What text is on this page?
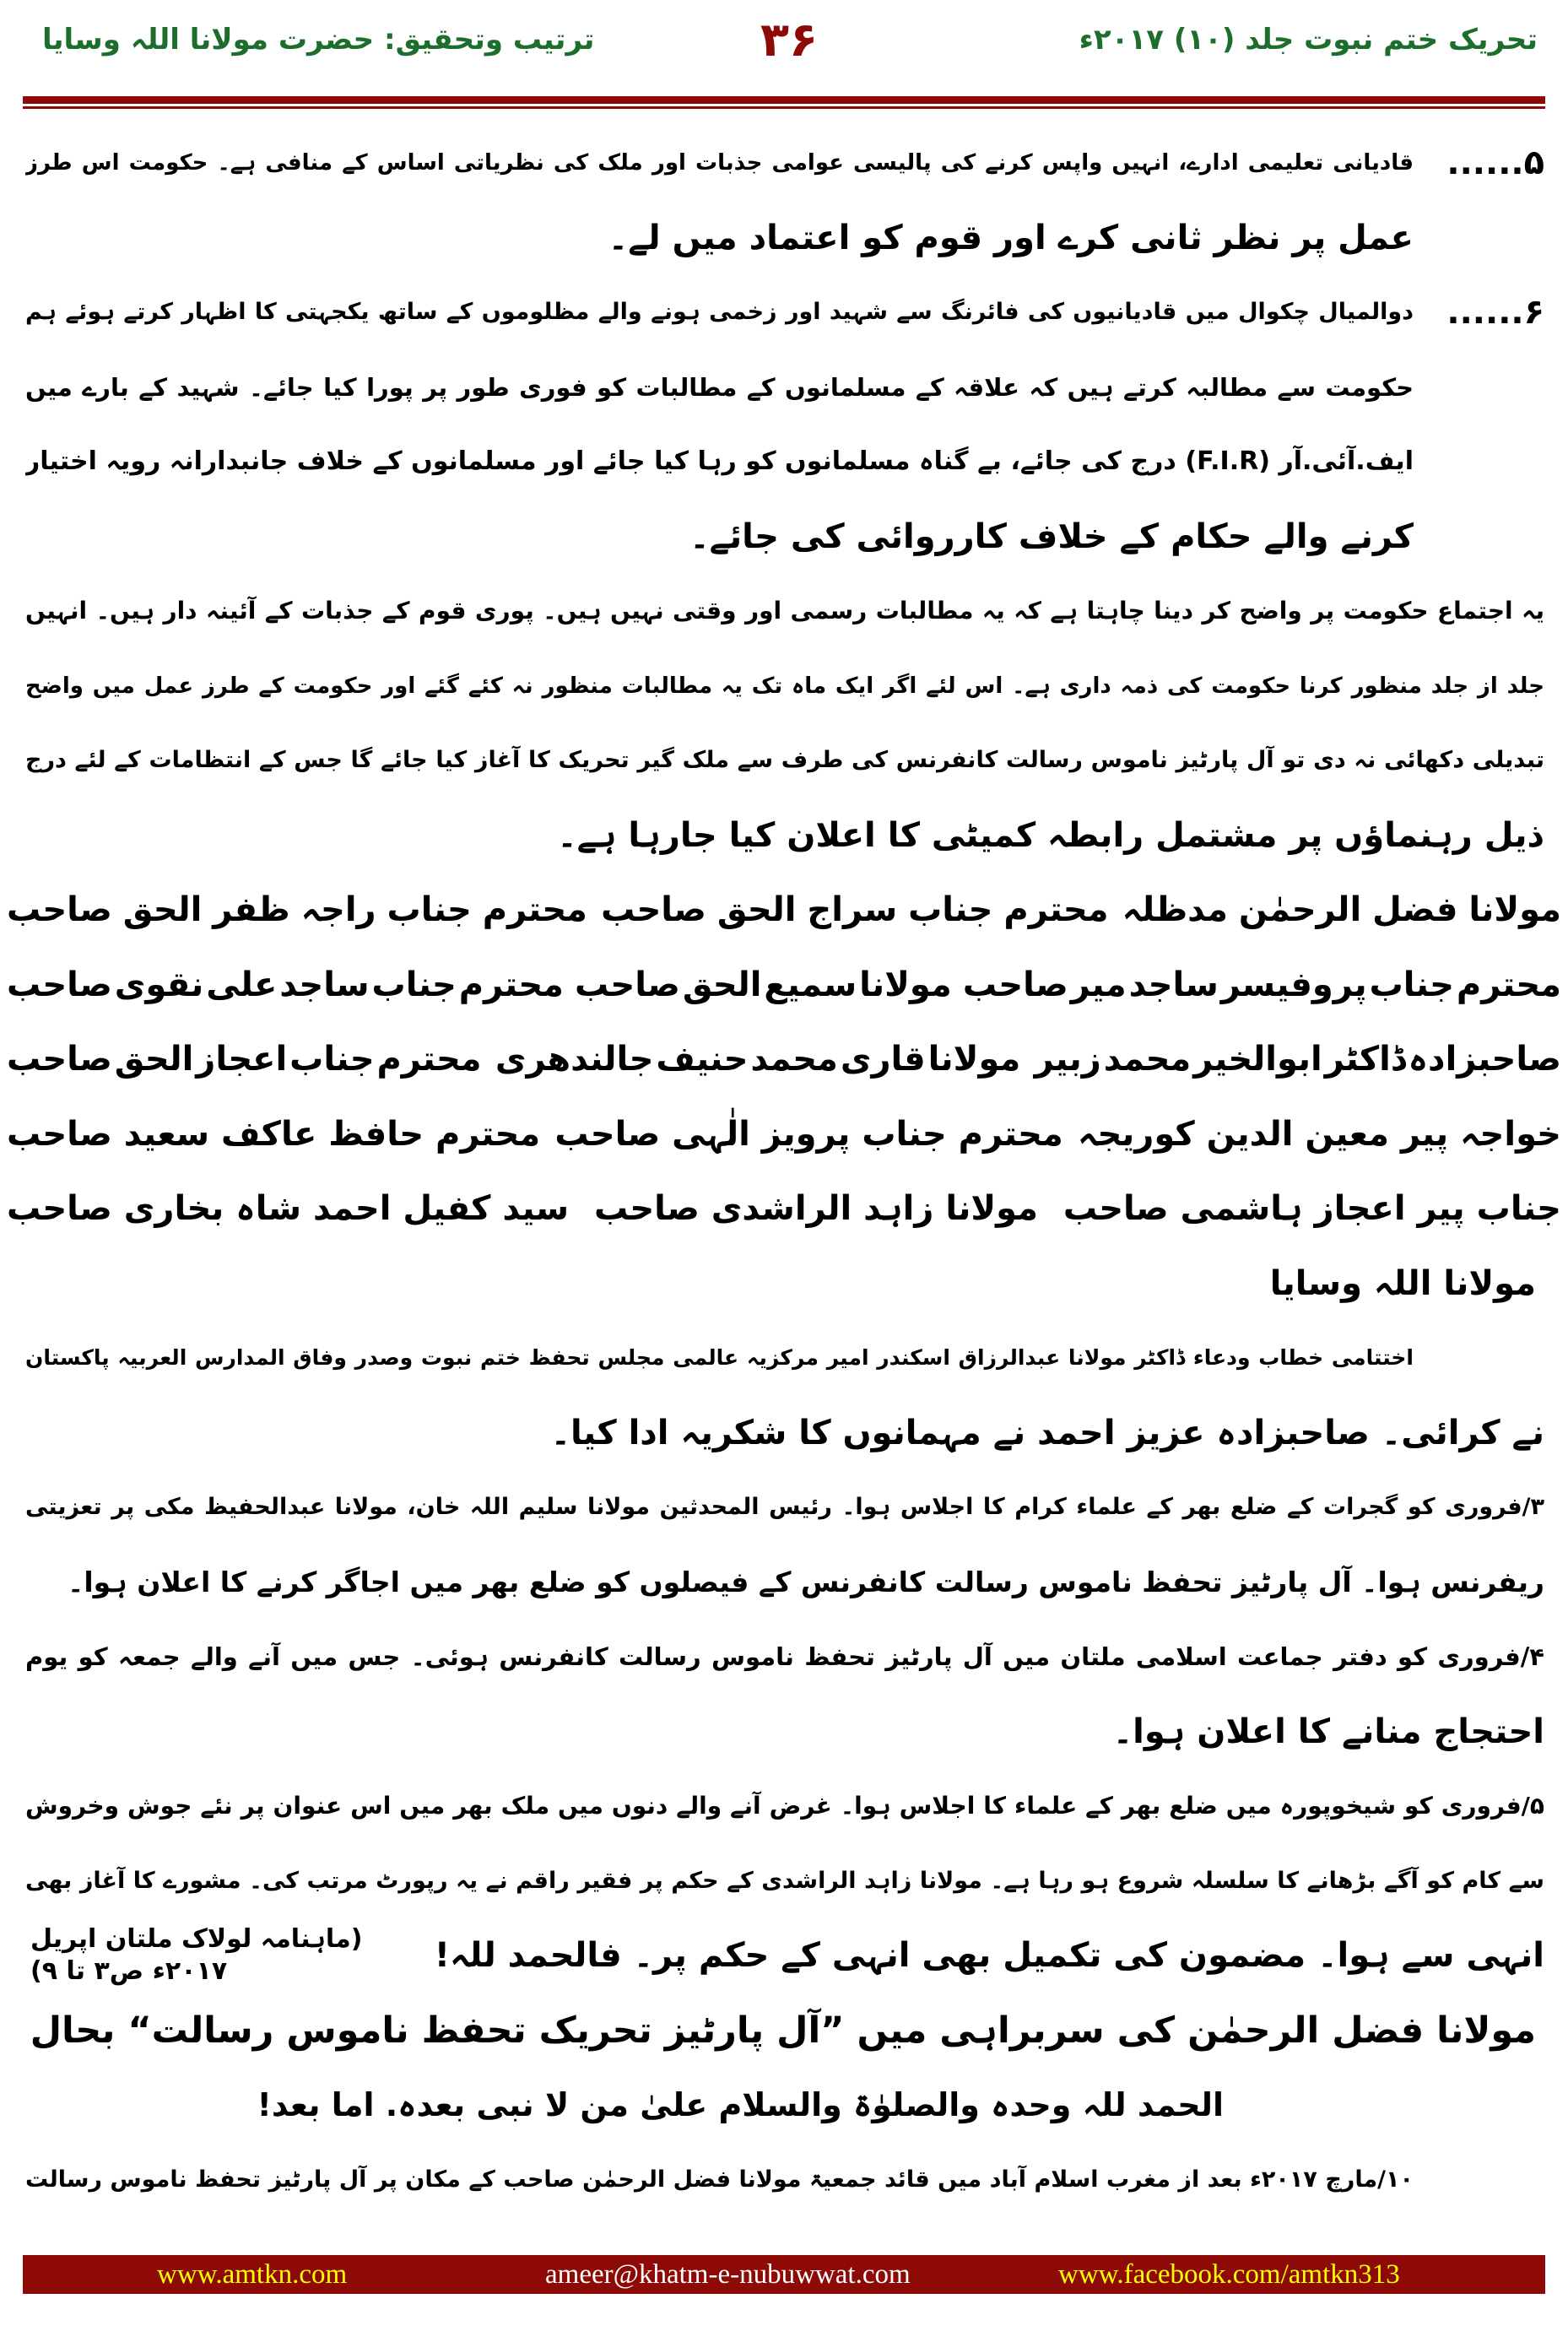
تحریک ختم نبوت جلد (۱۰) ۲۰۱۷ء
۳۶
ترتیب وتحقیق: حضرت مولانا اللہ وسایا
۵......
قادیانی تعلیمی ادارے، انہیں واپس کرنے کی پالیسی عوامی جذبات اور ملک کی نظریاتی اساس کے منافی ہے۔ حکومت اس طرز
عمل پر نظر ثانی کرے اور قوم کو اعتماد میں لے۔
۶......
دوالمیال چکوال میں قادیانیوں کی فائرنگ سے شہید اور زخمی ہونے والے مظلوموں کے ساتھ یکجہتی کا اظہار کرتے ہوئے ہم
حکومت سے مطالبہ کرتے ہیں کہ علاقہ کے مسلمانوں کے مطالبات کو فوری طور پر پورا کیا جائے۔ شہید کے بارے میں
ایف.آئی.آر (F.I.R) درج کی جائے، بے گناہ مسلمانوں کو رہا کیا جائے اور مسلمانوں کے خلاف جانبدارانہ رویہ اختیار
کرنے والے حکام کے خلاف کارروائی کی جائے۔
یہ اجتماع حکومت پر واضح کر دینا چاہتا ہے کہ یہ مطالبات رسمی اور وقتی نہیں ہیں۔ پوری قوم کے جذبات کے آئینہ دار ہیں۔ انہیں
جلد از جلد منظور کرنا حکومت کی ذمہ داری ہے۔ اس لئے اگر ایک ماہ تک یہ مطالبات منظور نہ کئے گئے اور حکومت کے طرز عمل میں واضح
تبدیلی دکھائی نہ دی تو آل پارٹیز ناموس رسالت کانفرنس کی طرف سے ملک گیر تحریک کا آغاز کیا جائے گا جس کے انتظامات کے لئے درج
ذیل رہنماؤں پر مشتمل رابطہ کمیٹی کا اعلان کیا جارہا ہے۔
مولانا فضل الرحمٰن مدظلہ
محترم جناب سراج الحق صاحب
محترم جناب راجہ ظفر الحق صاحب
محترم جناب پروفیسر ساجد میر صاحب
مولانا سمیع الحق صاحب
محترم جناب ساجد علی نقوی صاحب
صاحبزادہ ڈاکٹر ابوالخیر محمد زبیر
مولانا قاری محمد حنیف جالندھری
محترم جناب اعجاز الحق صاحب
خواجہ پیر معین الدین کوریجہ
محترم جناب پرویز الٰہی صاحب
محترم حافظ عاکف سعید صاحب
جناب پیر اعجاز ہاشمی صاحب
مولانا زاہد الراشدی صاحب
سید کفیل احمد شاہ بخاری صاحب
مولانا اللہ وسایا
اختتامی خطاب ودعاء ڈاکٹر مولانا عبدالرزاق اسکندر امیر مرکزیہ عالمی مجلس تحفظ ختم نبوت وصدر وفاق المدارس العربیہ پاکستان
نے کرائی۔ صاحبزادہ عزیز احمد نے مہمانوں کا شکریہ ادا کیا۔
۳/فروری کو گجرات کے ضلع بھر کے علماء کرام کا اجلاس ہوا۔ رئیس المحدثین مولانا سلیم اللہ خان، مولانا عبدالحفیظ مکی پر تعزیتی
ریفرنس ہوا۔ آل پارٹیز تحفظ ناموس رسالت کانفرنس کے فیصلوں کو ضلع بھر میں اجاگر کرنے کا اعلان ہوا۔
۴/فروری کو دفتر جماعت اسلامی ملتان میں آل پارٹیز تحفظ ناموس رسالت کانفرنس ہوئی۔ جس میں آنے والے جمعہ کو یوم
احتجاج منانے کا اعلان ہوا۔
۵/فروری کو شیخوپورہ میں ضلع بھر کے علماء کا اجلاس ہوا۔ غرض آنے والے دنوں میں ملک بھر میں اس عنوان پر نئے جوش وخروش
سے کام کو آگے بڑھانے کا سلسلہ شروع ہو رہا ہے۔ مولانا زاہد الراشدی کے حکم پر فقیر راقم نے یہ رپورٹ مرتب کی۔ مشورے کا آغاز بھی
(ماہنامہ لولاک ملتان اپریل ۲۰۱۷ء ص۳ تا ۹)	انہی سے ہوا۔ مضمون کی تکمیل بھی انہی کے حکم پر۔ فالحمد للہ!
مولانا فضل الرحمٰن کی سربراہی میں ”آل پارٹیز تحریک تحفظ ناموس رسالت“ بحال
الحمد للہ وحدہ والصلوٰۃ والسلام علیٰ من لا نبی بعدہ. اما بعد!
۱۰/مارچ ۲۰۱۷ء بعد از مغرب اسلام آباد میں قائد جمعیۃ مولانا فضل الرحمٰن صاحب کے مکان پر آل پارٹیز تحفظ ناموس رسالت
www.amtkn.com	ameer@khatm-e-nubuwwat.com	www.facebook.com/amtkn313
